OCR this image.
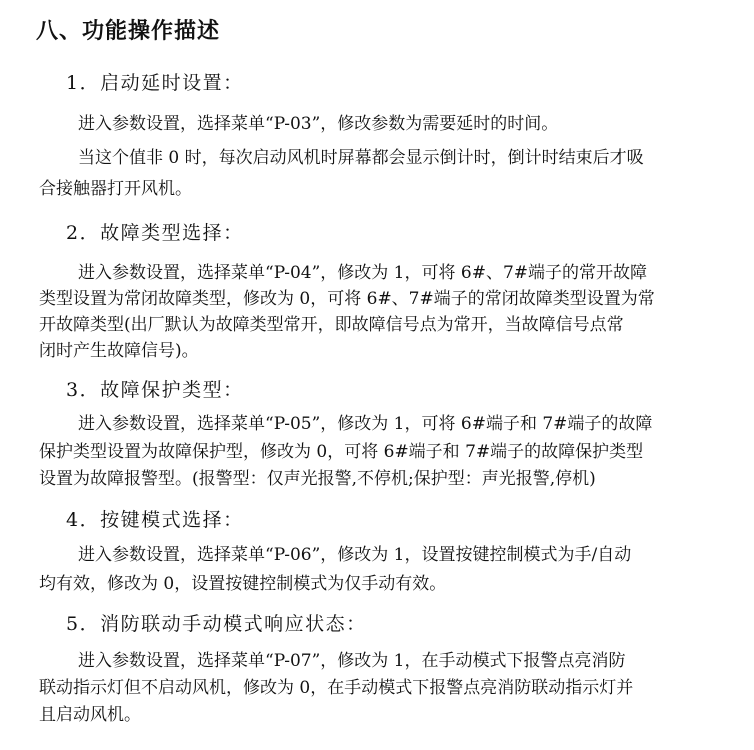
八、功能操作描述
1．启动延时设置：
进入参数设置，选择菜单“P-03”，修改参数为需要延时的时间。
当这个值非 0 时，每次启动风机时屏幕都会显示倒计时，倒计时结束后才吸
合接触器打开风机。
2．故障类型选择：
进入参数设置，选择菜单“P-04”，修改为 1，可将 6#、7#端子的常开故障
类型设置为常闭故障类型，修改为 0，可将 6#、7#端子的常闭故障类型设置为常
开故障类型(出厂默认为故障类型常开，即故障信号点为常开，当故障信号点常
闭时产生故障信号)。
3．故障保护类型：
进入参数设置，选择菜单“P-05”，修改为 1，可将 6#端子和 7#端子的故障
保护类型设置为故障保护型，修改为 0，可将 6#端子和 7#端子的故障保护类型
设置为故障报警型。(报警型：仅声光报警,不停机;保护型：声光报警,停机)
4．按键模式选择：
进入参数设置，选择菜单“P-06”，修改为 1，设置按键控制模式为手/自动
均有效，修改为 0，设置按键控制模式为仅手动有效。
5．消防联动手动模式响应状态：
进入参数设置，选择菜单“P-07”，修改为 1，在手动模式下报警点亮消防
联动指示灯但不启动风机，修改为 0，在手动模式下报警点亮消防联动指示灯并
且启动风机。
